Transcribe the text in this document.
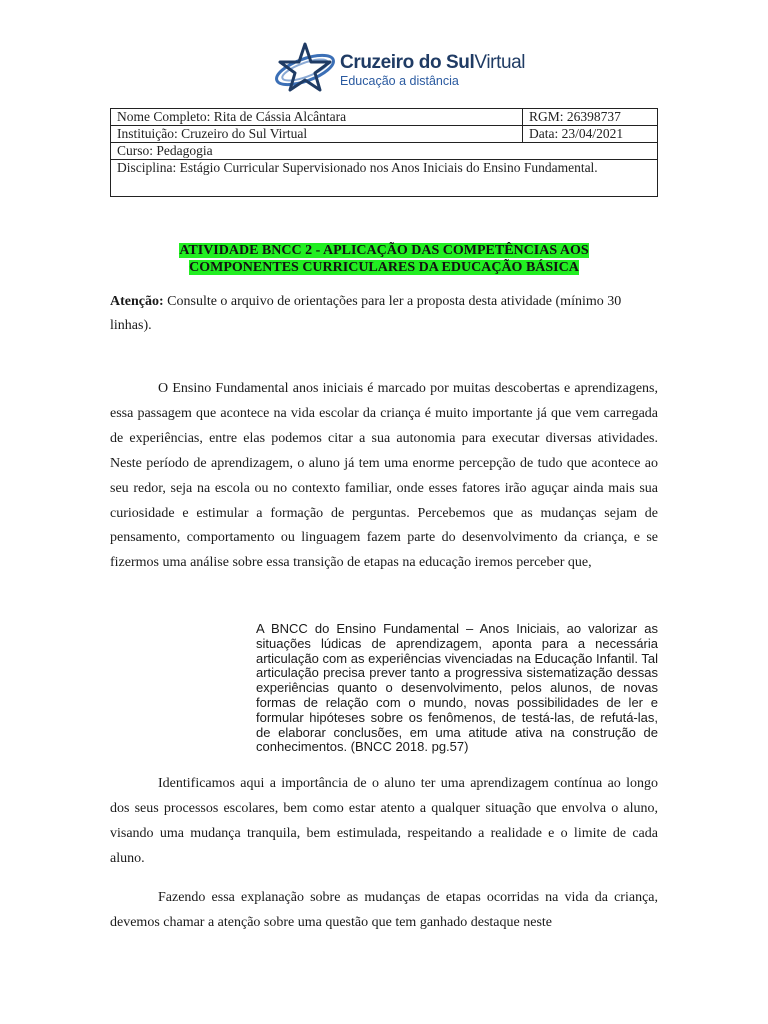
Cruzeiro do SulVirtual
Educação a distância
Nome Completo: Rita de Cássia Alcântara	RGM: 26398737
Instituição: Cruzeiro do Sul Virtual	Data: 23/04/2021
Curso: Pedagogia	
Disciplina: Estágio Curricular Supervisionado nos Anos Iniciais do Ensino Fundamental.	
ATIVIDADE BNCC 2 - APLICAÇÃO DAS COMPETÊNCIAS AOS
COMPONENTES CURRICULARES DA EDUCAÇÃO BÁSICA
Atenção: Consulte o arquivo de orientações para ler a proposta desta atividade (mínimo 30 linhas).
O Ensino Fundamental anos iniciais é marcado por muitas descobertas e aprendizagens, essa passagem que acontece na vida escolar da criança é muito importante já que vem carregada de experiências, entre elas podemos citar a sua autonomia para executar diversas atividades. Neste período de aprendizagem, o aluno já tem uma enorme percepção de tudo que acontece ao seu redor, seja na escola ou no contexto familiar, onde esses fatores irão aguçar ainda mais sua curiosidade e estimular a formação de perguntas. Percebemos que as mudanças sejam de pensamento, comportamento ou linguagem fazem parte do desenvolvimento da criança, e se fizermos uma análise sobre essa transição de etapas na educação iremos perceber que,
A BNCC do Ensino Fundamental – Anos Iniciais, ao valorizar as situações lúdicas de aprendizagem, aponta para a necessária articulação com as experiências vivenciadas na Educação Infantil. Tal articulação precisa prever tanto a progressiva sistematização dessas experiências quanto o desenvolvimento, pelos alunos, de novas formas de relação com o mundo, novas possibilidades de ler e formular hipóteses sobre os fenômenos, de testá-las, de refutá-las, de elaborar conclusões, em uma atitude ativa na construção de conhecimentos. (BNCC 2018. pg.57)
Identificamos aqui a importância de o aluno ter uma aprendizagem contínua ao longo dos seus processos escolares, bem como estar atento a qualquer situação que envolva o aluno, visando uma mudança tranquila, bem estimulada, respeitando a realidade e o limite de cada aluno.
Fazendo essa explanação sobre as mudanças de etapas ocorridas na vida da criança, devemos chamar a atenção sobre uma questão que tem ganhado destaque neste
